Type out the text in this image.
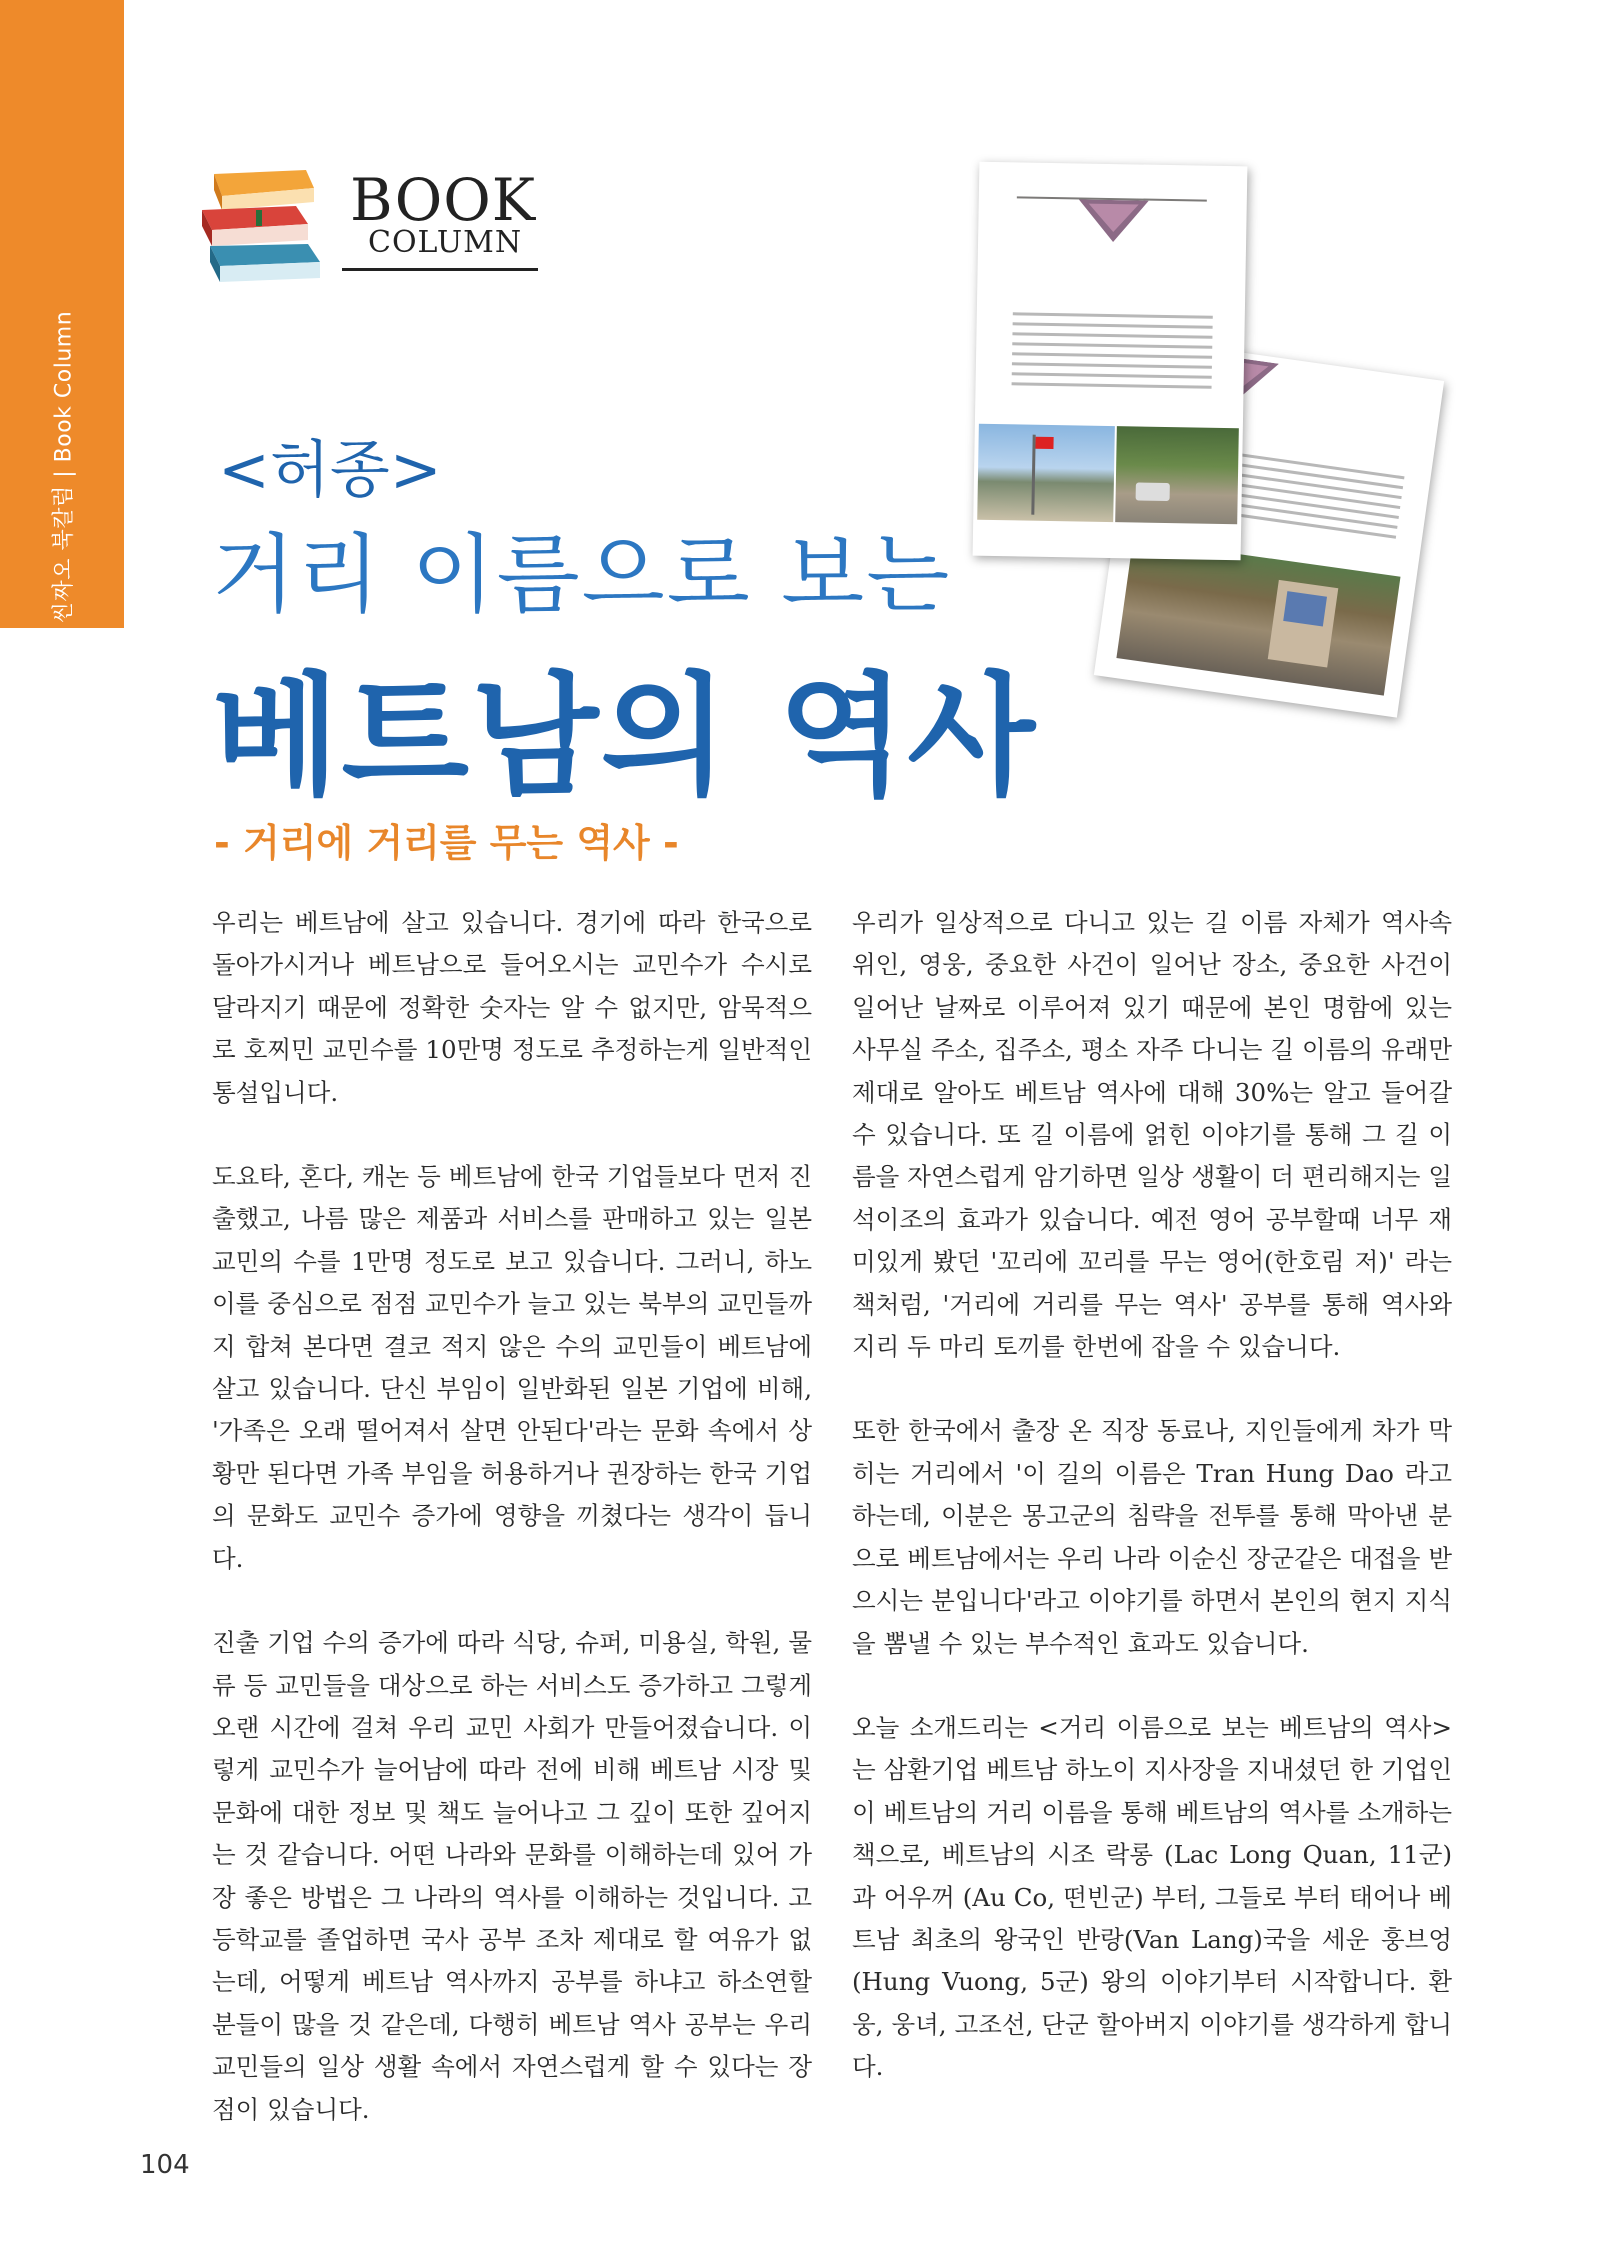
▲
씬짜오 북칼럼 | Book Column
BOOK
COLUMN
<허종>
거리 이름으로 보는
베트남의 역사
- 거리에 거리를 무는 역사 -

우리는 베트남에 살고 있습니다. 경기에 따라 한국으로 돌아가시거나 베트남으로 들어오시는 교민수가 수시로 달라지기 때문에 정확한 숫자는 알 수 없지만, 암묵적으로 호찌민 교민수를 10만명 정도로 추정하는게 일반적인 통설입니다.

도요타, 혼다, 캐논 등 베트남에 한국 기업들보다 먼저 진출했고, 나름 많은 제품과 서비스를 판매하고 있는 일본 교민의 수를 1만명 정도로 보고 있습니다. 그러니, 하노이를 중심으로 점점 교민수가 늘고 있는 북부의 교민들까지 합쳐 본다면 결코 적지 않은 수의 교민들이 베트남에 살고 있습니다. 단신 부임이 일반화된 일본 기업에 비해, '가족은 오래 떨어져서 살면 안된다'라는 문화 속에서 상황만 된다면 가족 부임을 허용하거나 권장하는 한국 기업의 문화도 교민수 증가에 영향을 끼쳤다는 생각이 듭니다.

진출 기업 수의 증가에 따라 식당, 슈퍼, 미용실, 학원, 물류 등 교민들을 대상으로 하는 서비스도 증가하고 그렇게 오랜 시간에 걸쳐 우리 교민 사회가 만들어졌습니다. 이렇게 교민수가 늘어남에 따라 전에 비해 베트남 시장 및 문화에 대한 정보 및 책도 늘어나고 그 깊이 또한 깊어지는 것 같습니다. 어떤 나라와 문화를 이해하는데 있어 가장 좋은 방법은 그 나라의 역사를 이해하는 것입니다. 고등학교를 졸업하면 국사 공부 조차 제대로 할 여유가 없는데, 어떻게 베트남 역사까지 공부를 하냐고 하소연할 분들이 많을 것 같은데, 다행히 베트남 역사 공부는 우리 교민들의 일상 생활 속에서 자연스럽게 할 수 있다는 장점이 있습니다.

우리가 일상적으로 다니고 있는 길 이름 자체가 역사속 위인, 영웅, 중요한 사건이 일어난 장소, 중요한 사건이 일어난 날짜로 이루어져 있기 때문에 본인 명함에 있는 사무실 주소, 집주소, 평소 자주 다니는 길 이름의 유래만 제대로 알아도 베트남 역사에 대해 30%는 알고 들어갈 수 있습니다. 또 길 이름에 얽힌 이야기를 통해 그 길 이름을 자연스럽게 암기하면 일상 생활이 더 편리해지는 일석이조의 효과가 있습니다. 예전 영어 공부할때 너무 재미있게 봤던 '꼬리에 꼬리를 무는 영어(한호림 저)' 라는 책처럼, '거리에 거리를 무는 역사' 공부를 통해 역사와 지리 두 마리 토끼를 한번에 잡을 수 있습니다.

또한 한국에서 출장 온 직장 동료나, 지인들에게 차가 막히는 거리에서 '이 길의 이름은 Tran Hung Dao 라고 하는데, 이분은 몽고군의 침략을 전투를 통해 막아낸 분으로 베트남에서는 우리 나라 이순신 장군같은 대접을 받으시는 분입니다'라고 이야기를 하면서 본인의 현지 지식을 뽐낼 수 있는 부수적인 효과도 있습니다.

오늘 소개드리는 <거리 이름으로 보는 베트남의 역사>는 삼환기업 베트남 하노이 지사장을 지내셨던 한 기업인이 베트남의 거리 이름을 통해 베트남의 역사를 소개하는 책으로, 베트남의 시조 락롱 (Lac Long Quan, 11군)과 어우꺼 (Au Co, 떤빈군) 부터, 그들로 부터 태어나 베트남 최초의 왕국인 반랑(Van Lang)국을 세운 훙브엉(Hung Vuong, 5군) 왕의 이야기부터 시작합니다. 환웅, 웅녀, 고조선, 단군 할아버지 이야기를 생각하게 합니다.

104
